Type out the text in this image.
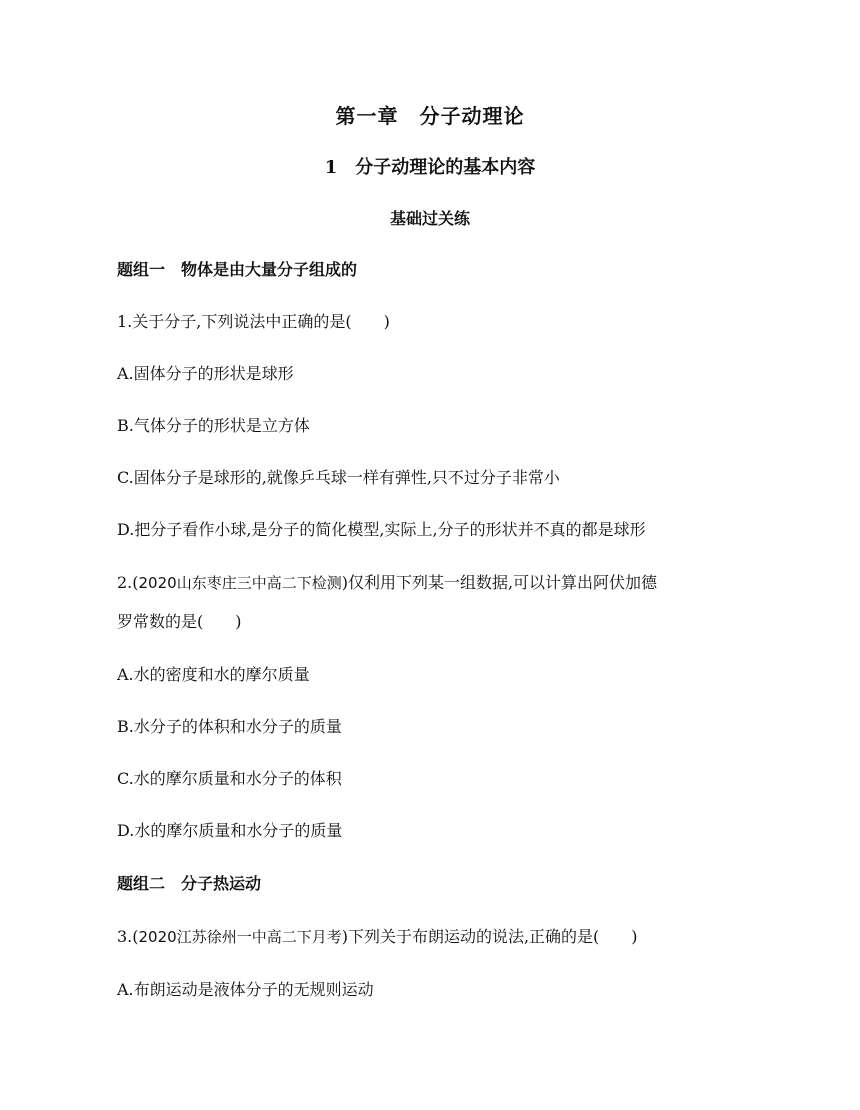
第一章　分子动理论
1　分子动理论的基本内容
基础过关练
题组一　物体是由大量分子组成的
1.关于分子,下列说法中正确的是(　　)
A.固体分子的形状是球形
B.气体分子的形状是立方体
C.固体分子是球形的,就像乒乓球一样有弹性,只不过分子非常小
D.把分子看作小球,是分子的简化模型,实际上,分子的形状并不真的都是球形
2.(2020山东枣庄三中高二下检测)仅利用下列某一组数据,可以计算出阿伏加德
罗常数的是(　　)
A.水的密度和水的摩尔质量
B.水分子的体积和水分子的质量
C.水的摩尔质量和水分子的体积
D.水的摩尔质量和水分子的质量
题组二　分子热运动
3.(2020江苏徐州一中高二下月考)下列关于布朗运动的说法,正确的是(　　)
A.布朗运动是液体分子的无规则运动
